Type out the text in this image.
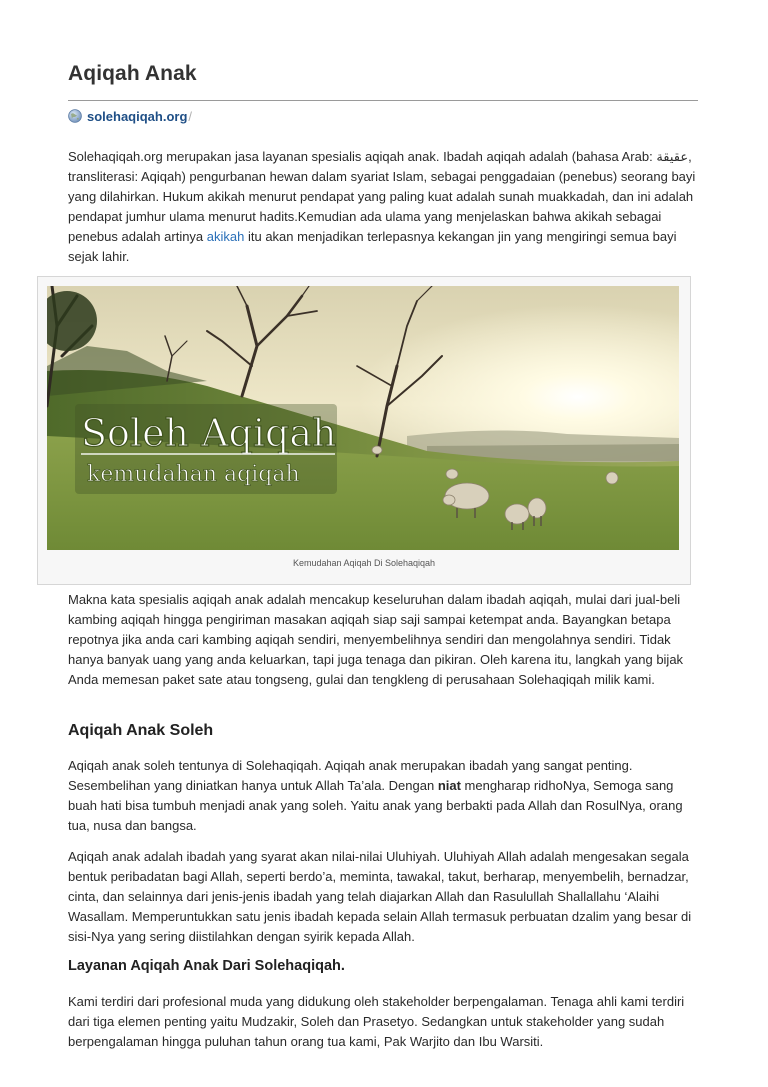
Aqiqah Anak
solehaqiqah.org /

Solehaqiqah.org merupakan jasa layanan spesialis aqiqah anak. Ibadah aqiqah adalah (bahasa Arab: عقيقة, transliterasi: Aqiqah) pengurbanan hewan dalam syariat Islam, sebagai penggadaian (penebus) seorang bayi yang dilahirkan. Hukum akikah menurut pendapat yang paling kuat adalah sunah muakkadah, dan ini adalah pendapat jumhur ulama menurut hadits.Kemudian ada ulama yang menjelaskan bahwa akikah sebagai penebus adalah artinya akikah itu akan menjadikan terlepasnya kekangan jin yang mengiringi semua bayi sejak lahir.

Soleh Aqiqah
kemudahan aqiqah
Kemudahan Aqiqah Di Solehaqiqah

Makna kata spesialis aqiqah anak adalah mencakup keseluruhan dalam ibadah aqiqah, mulai dari jual-beli kambing aqiqah hingga pengiriman masakan aqiqah siap saji sampai ketempat anda. Bayangkan betapa repotnya jika anda cari kambing aqiqah sendiri, menyembelihnya sendiri dan mengolahnya sendiri. Tidak hanya banyak uang yang anda keluarkan, tapi juga tenaga dan pikiran. Oleh karena itu, langkah yang bijak Anda memesan paket sate atau tongseng, gulai dan tengkleng di perusahaan Solehaqiqah milik kami.

Aqiqah Anak Soleh

Aqiqah anak soleh tentunya di Solehaqiqah. Aqiqah anak merupakan ibadah yang sangat penting. Sesembelihan yang diniatkan hanya untuk Allah Ta’ala. Dengan niat mengharap ridhoNya, Semoga sang buah hati bisa tumbuh menjadi anak yang soleh. Yaitu anak yang berbakti pada Allah dan RosulNya, orang tua, nusa dan bangsa.

Aqiqah anak adalah ibadah yang syarat akan nilai-nilai Uluhiyah. Uluhiyah Allah adalah mengesakan segala bentuk peribadatan bagi Allah, seperti berdo’a, meminta, tawakal, takut, berharap, menyembelih, bernadzar, cinta, dan selainnya dari jenis-jenis ibadah yang telah diajarkan Allah dan Rasulullah Shallallahu ‘Alaihi Wasallam. Memperuntukkan satu jenis ibadah kepada selain Allah termasuk perbuatan dzalim yang besar di sisi-Nya yang sering diistilahkan dengan syirik kepada Allah.

Layanan Aqiqah Anak Dari Solehaqiqah.

Kami terdiri dari profesional muda yang didukung oleh stakeholder berpengalaman. Tenaga ahli kami terdiri dari tiga elemen penting yaitu Mudzakir, Soleh dan Prasetyo. Sedangkan untuk stakeholder yang sudah berpengalaman hingga puluhan tahun orang tua kami, Pak Warjito dan Ibu Warsiti.
